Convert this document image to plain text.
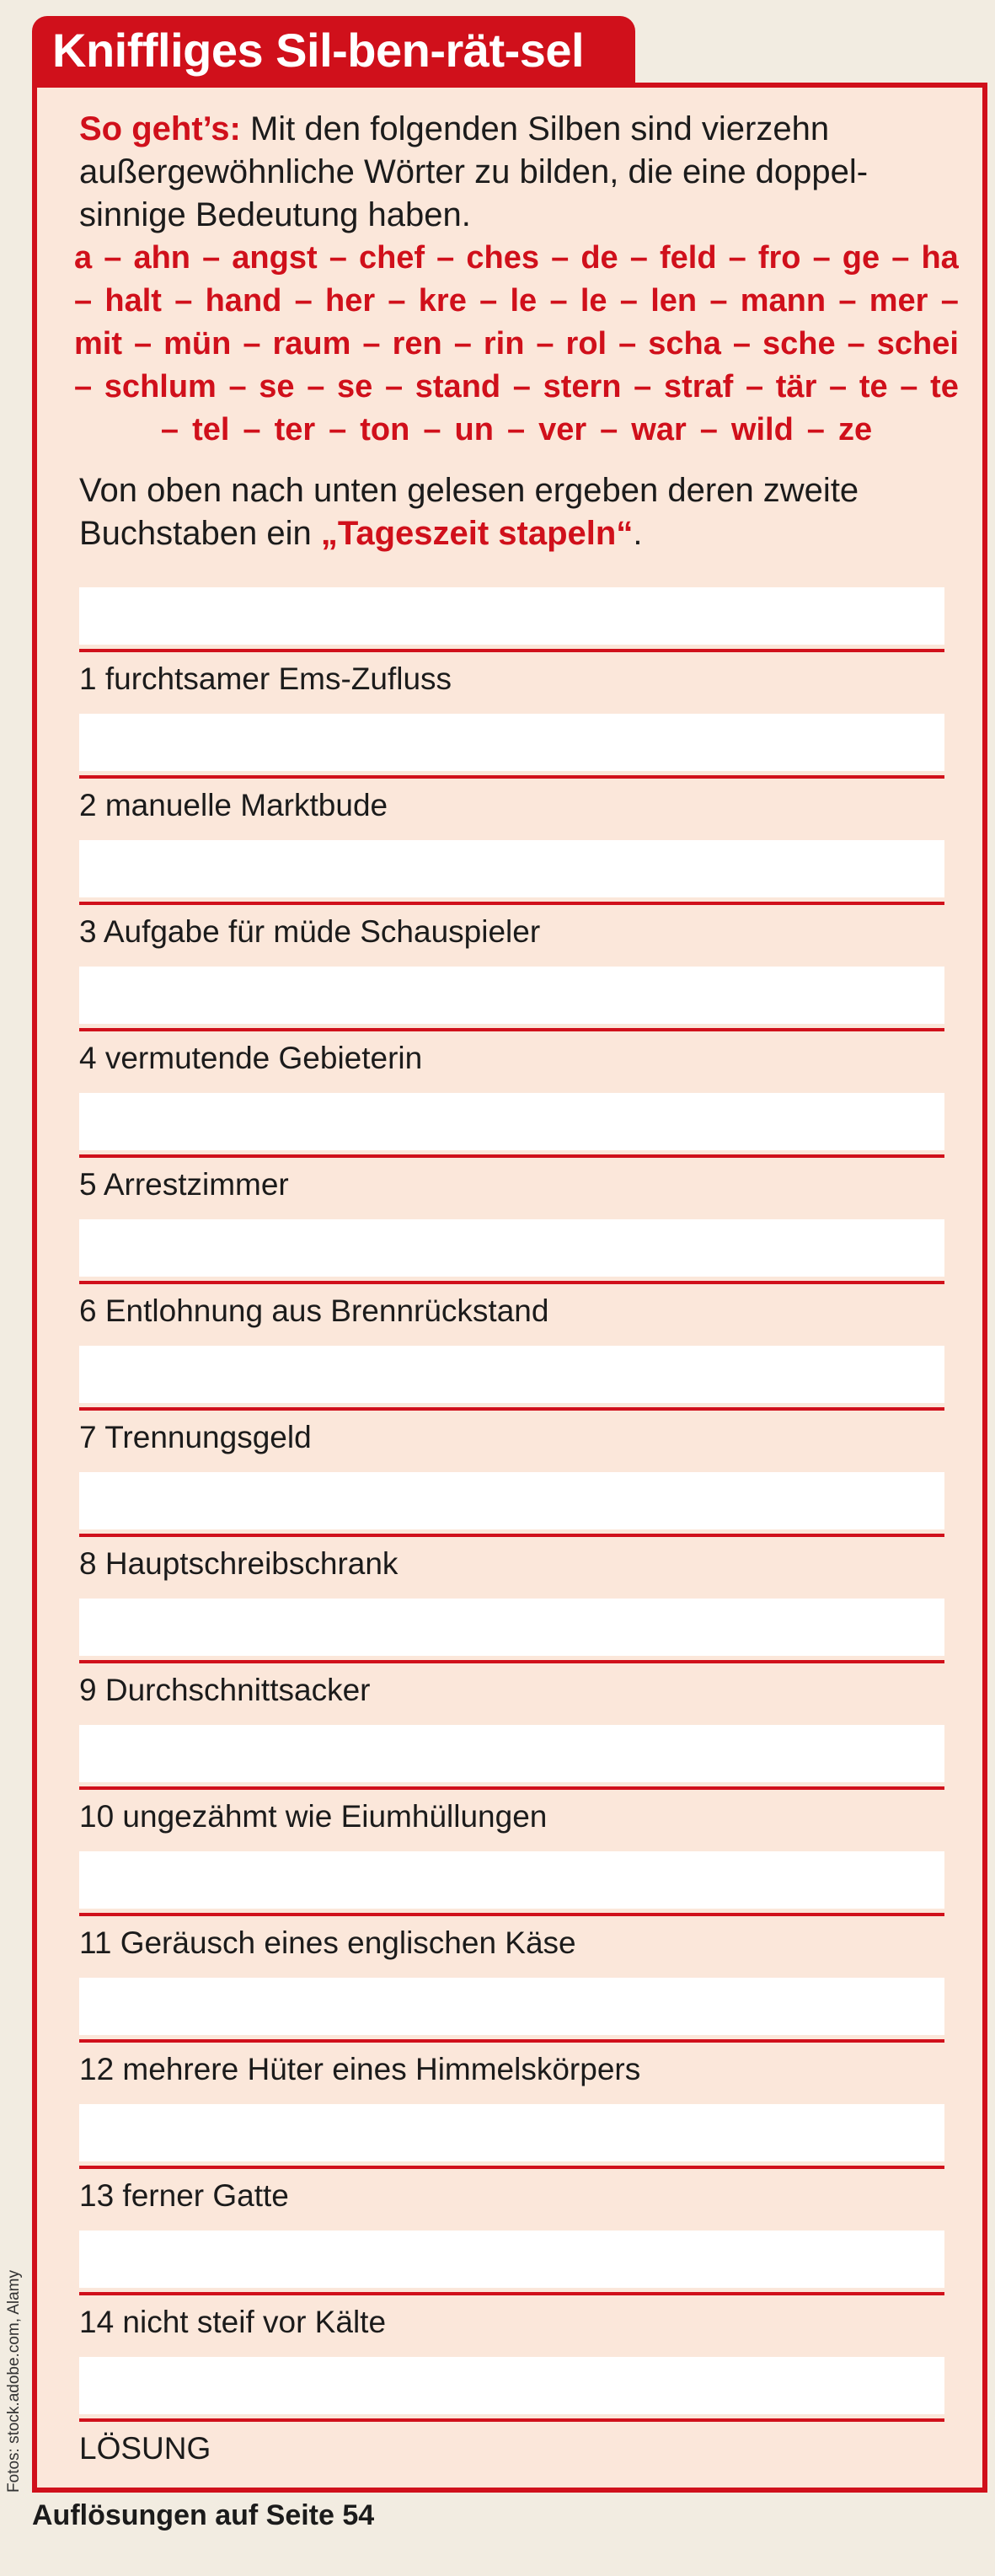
Kniffliges Sil-ben-rät-sel
So geht’s: Mit den folgenden Silben sind vierzehn außergewöhnliche Wörter zu bilden, die eine doppel-sinnige Bedeutung haben.
a – ahn – angst – chef – ches – de – feld – fro – ge – ha
– halt – hand – her – kre – le – le – len – mann – mer –
mit – mün – raum – ren – rin – rol – scha – sche – schei
– schlum – se – se – stand – stern – straf – tär – te – te
– tel – ter – ton – un – ver – war – wild – ze
Von oben nach unten gelesen ergeben deren zweite Buchstaben ein „Tageszeit stapeln“.
1 furchtsamer Ems-Zufluss
2 manuelle Marktbude
3 Aufgabe für müde Schauspieler
4 vermutende Gebieterin
5 Arrestzimmer
6 Entlohnung aus Brennrückstand
7 Trennungsgeld
8 Hauptschreibschrank
9 Durchschnittsacker
10 ungezähmt wie Eiumhüllungen
11 Geräusch eines englischen Käse
12 mehrere Hüter eines Himmelskörpers
13 ferner Gatte
14 nicht steif vor Kälte
LÖSUNG
Fotos: stock.adobe.com, Alamy
Auflösungen auf Seite 54
